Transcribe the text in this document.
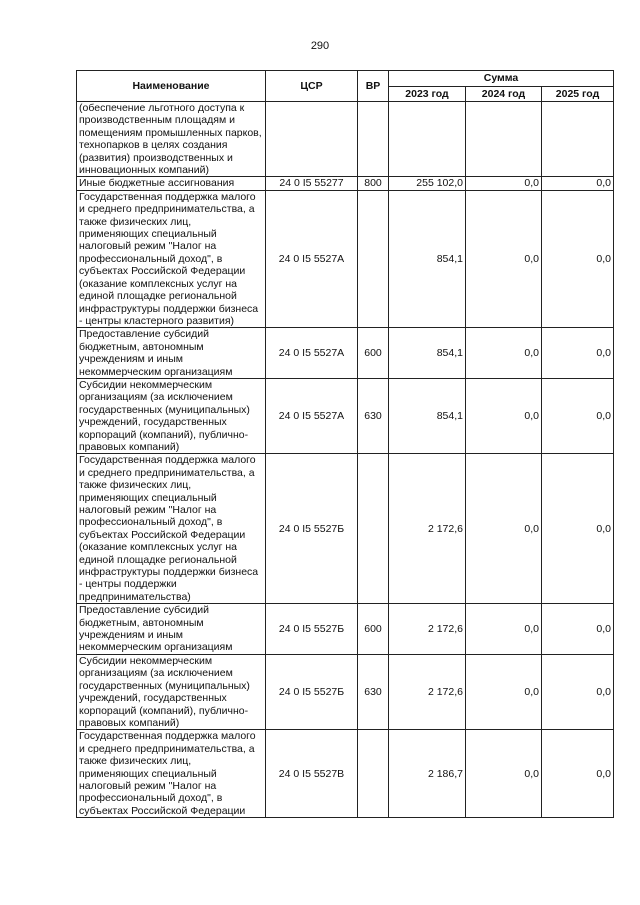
290
Наименование	ЦСР	ВР	Сумма		
			2023 год	2024 год	2025 год
(обеспечение льготного доступа к производственным площадям и помещениям промышленных парков, технопарков в целях создания (развития) производственных и инновационных компаний)					
Иные бюджетные ассигнования	24 0 I5 55277	800	255 102,0	0,0	0,0
Государственная поддержка малого и среднего предпринимательства, а также физических лиц, применяющих специальный налоговый режим "Налог на профессиональный доход", в субъектах Российской Федерации (оказание комплексных услуг на единой площадке региональной инфраструктуры поддержки бизнеса - центры кластерного развития)	24 0 I5 5527А		854,1	0,0	0,0
Предоставление субсидий бюджетным, автономным учреждениям и иным некоммерческим организациям	24 0 I5 5527А	600	854,1	0,0	0,0
Субсидии некоммерческим организациям (за исключением государственных (муниципальных) учреждений, государственных корпораций (компаний), публично-правовых компаний)	24 0 I5 5527А	630	854,1	0,0	0,0
Государственная поддержка малого и среднего предпринимательства, а также физических лиц, применяющих специальный налоговый режим "Налог на профессиональный доход", в субъектах Российской Федерации (оказание комплексных услуг на единой площадке региональной инфраструктуры поддержки бизнеса - центры поддержки предпринимательства)	24 0 I5 5527Б		2 172,6	0,0	0,0
Предоставление субсидий бюджетным, автономным учреждениям и иным некоммерческим организациям	24 0 I5 5527Б	600	2 172,6	0,0	0,0
Субсидии некоммерческим организациям (за исключением государственных (муниципальных) учреждений, государственных корпораций (компаний), публично-правовых компаний)	24 0 I5 5527Б	630	2 172,6	0,0	0,0
Государственная поддержка малого и среднего предпринимательства, а также физических лиц, применяющих специальный налоговый режим "Налог на профессиональный доход", в субъектах Российской Федерации	24 0 I5 5527В		2 186,7	0,0	0,0
